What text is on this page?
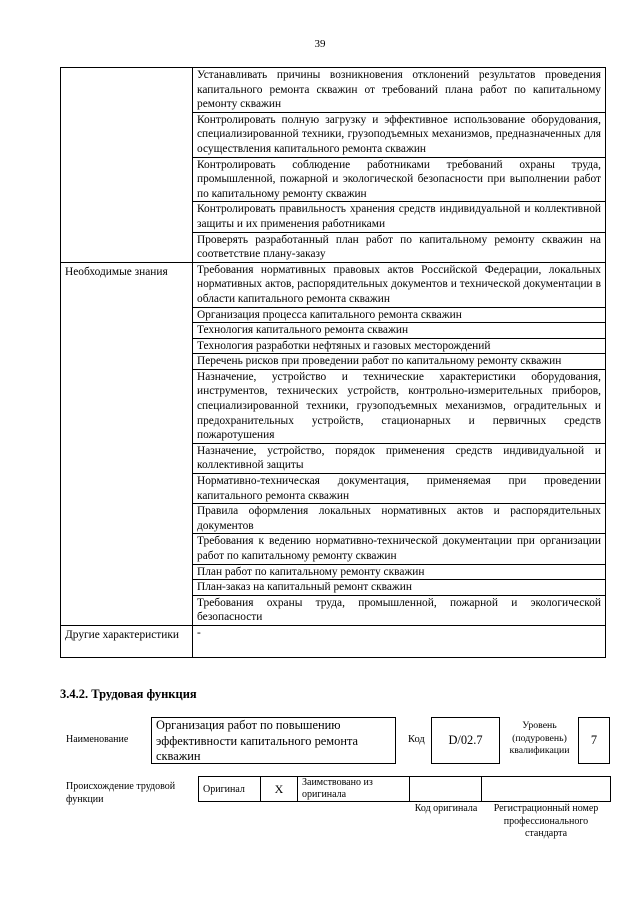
39
	Устанавливать причины возникновения отклонений результатов проведения капитального ремонта скважин от требований плана работ по капитальному ремонту скважин
	Контролировать полную загрузку и эффективное использование оборудования, специализированной техники, грузоподъемных механизмов, предназначенных для осуществления капитального ремонта скважин
	Контролировать соблюдение работниками требований охраны труда, промышленной, пожарной и экологической безопасности при выполнении работ по капитальному ремонту скважин
	Контролировать правильность хранения средств индивидуальной и коллективной защиты и их применения работниками
	Проверять разработанный план работ по капитальному ремонту скважин на соответствие плану-заказу
Необходимые знания	Требования нормативных правовых актов Российской Федерации, локальных нормативных актов, распорядительных документов и технической документации в области капитального ремонта скважин
	Организация процесса капитального ремонта скважин
	Технология капитального ремонта скважин
	Технология разработки нефтяных и газовых месторождений
	Перечень рисков при проведении работ по капитальному ремонту скважин
	Назначение, устройство и технические характеристики оборудования, инструментов, технических устройств, контрольно-измерительных приборов, специализированной техники, грузоподъемных механизмов, оградительных и предохранительных устройств, стационарных и первичных средств пожаротушения
	Назначение, устройство, порядок применения средств индивидуальной и коллективной защиты
	Нормативно-техническая документация, применяемая при проведении капитального ремонта скважин
	Правила оформления локальных нормативных актов и распорядительных документов
	Требования к ведению нормативно-технической документации при организации работ по капитальному ремонту скважин
	План работ по капитальному ремонту скважин
	План-заказ на капитальный ремонт скважин
	Требования охраны труда, промышленной, пожарной и экологической безопасности
Другие характеристики	-
3.4.2. Трудовая функция
Наименование
Организация работ по повышению эффективности капитального ремонта скважин
Код	D/02.7
Уровень (подуровень) квалификации
7
Происхождение трудовой функции
Оригинал	X	Заимствовано из оригинала		
Код оригинала	Регистрационный номер профессионального стандарта
